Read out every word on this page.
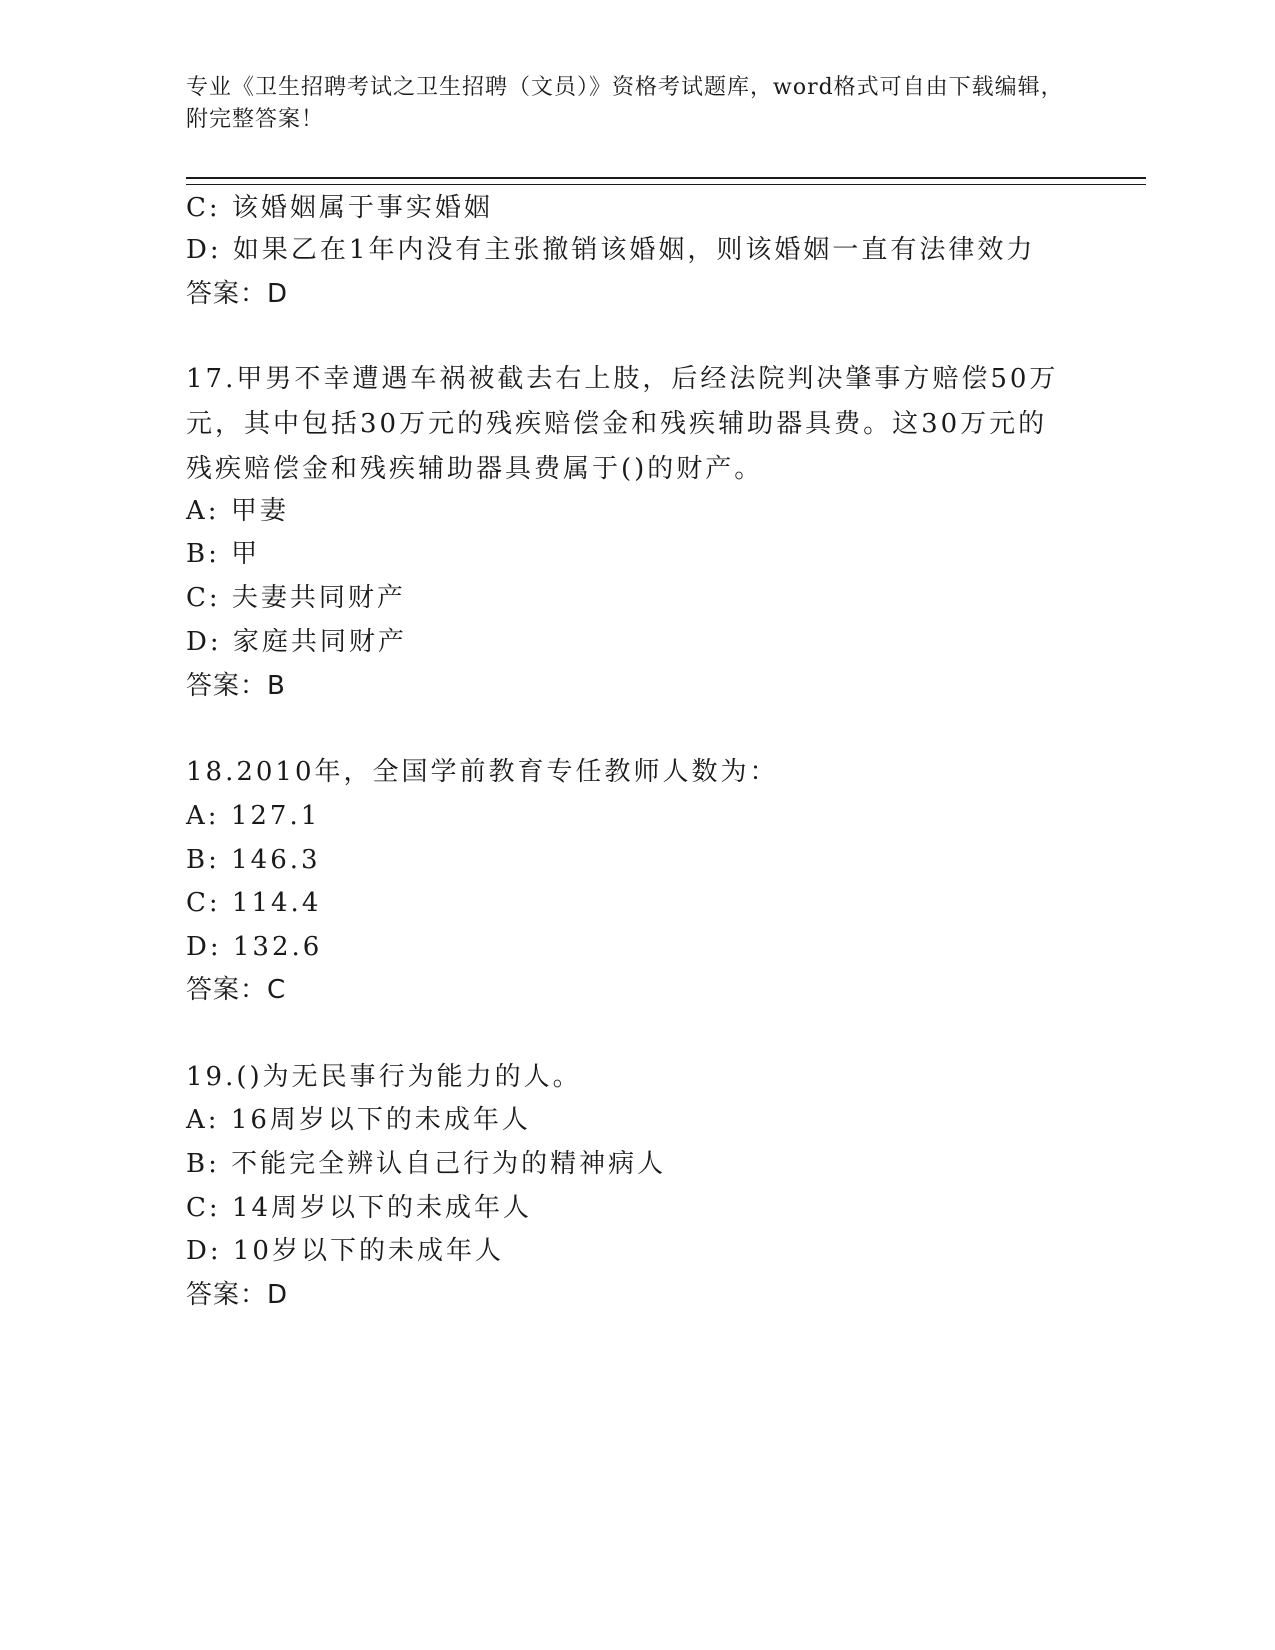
专业《卫生招聘考试之卫生招聘（文员）》资格考试题库，word格式可自由下载编辑，附完整答案！
C: 该婚姻属于事实婚姻
D: 如果乙在1年内没有主张撤销该婚姻，则该婚姻一直有法律效力
答案：D
17.甲男不幸遭遇车祸被截去右上肢，后经法院判决肇事方赔偿50万元，其中包括30万元的残疾赔偿金和残疾辅助器具费。这30万元的残疾赔偿金和残疾辅助器具费属于()的财产。
A: 甲妻
B: 甲
C: 夫妻共同财产
D: 家庭共同财产
答案：B
18.2010年，全国学前教育专任教师人数为：
A: 127.1
B: 146.3
C: 114.4
D: 132.6
答案：C
19.()为无民事行为能力的人。
A: 16周岁以下的未成年人
B: 不能完全辨认自己行为的精神病人
C: 14周岁以下的未成年人
D: 10岁以下的未成年人
答案：D
